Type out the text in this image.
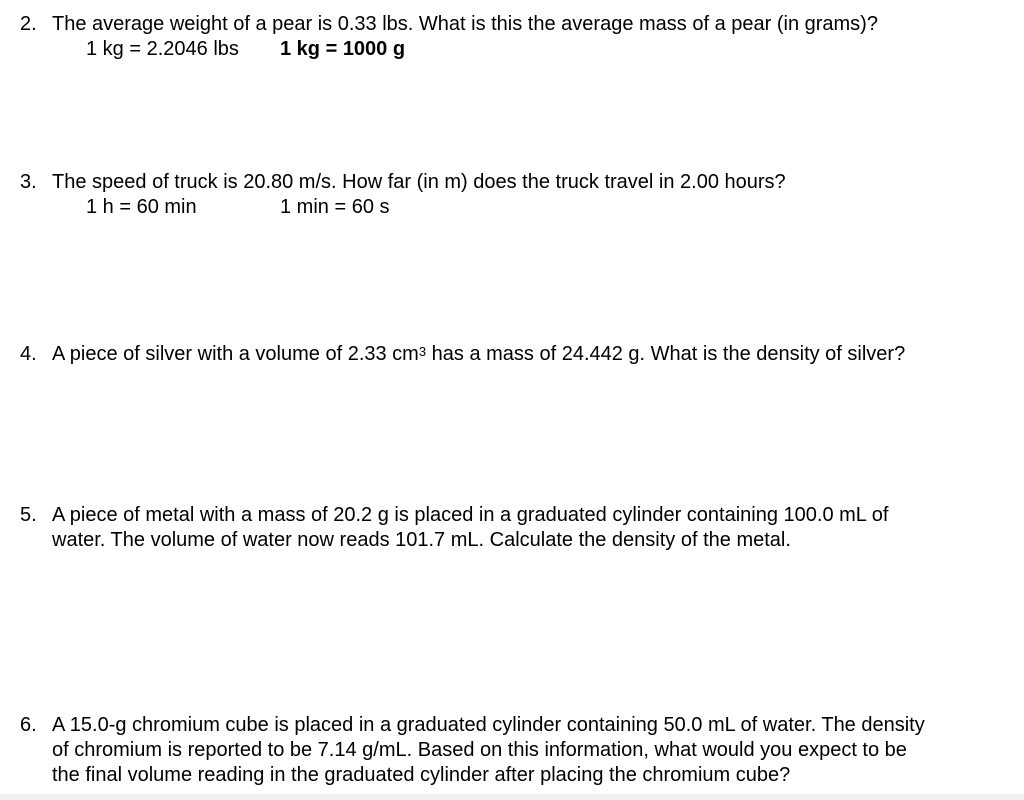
2. The average weight of a pear is 0.33 lbs. What is this the average mass of a pear (in grams)?
1 kg = 2.2046 lbs 1 kg = 1000 g
3. The speed of truck is 20.80 m/s. How far (in m) does the truck travel in 2.00 hours?
1 h = 60 min	1 min = 60 s
4. A piece of silver with a volume of 2.33 $cm^3$ has a mass of 24.442 g. What is the density of silver?
5. A piece of metal with a mass of 20.2 g is placed in a graduated cylinder containing 100.0 mL of
water. The volume of water now reads 101.7 mL. Calculate the density of the metal.
6. A 15.0-g chromium cube is placed in a graduated cylinder containing 50.0 mL of water. The density
of chromium is reported to be 7.14 g/mL. Based on this information, what would you expect to be
the final volume reading in the graduated cylinder after placing the chromium cube?
